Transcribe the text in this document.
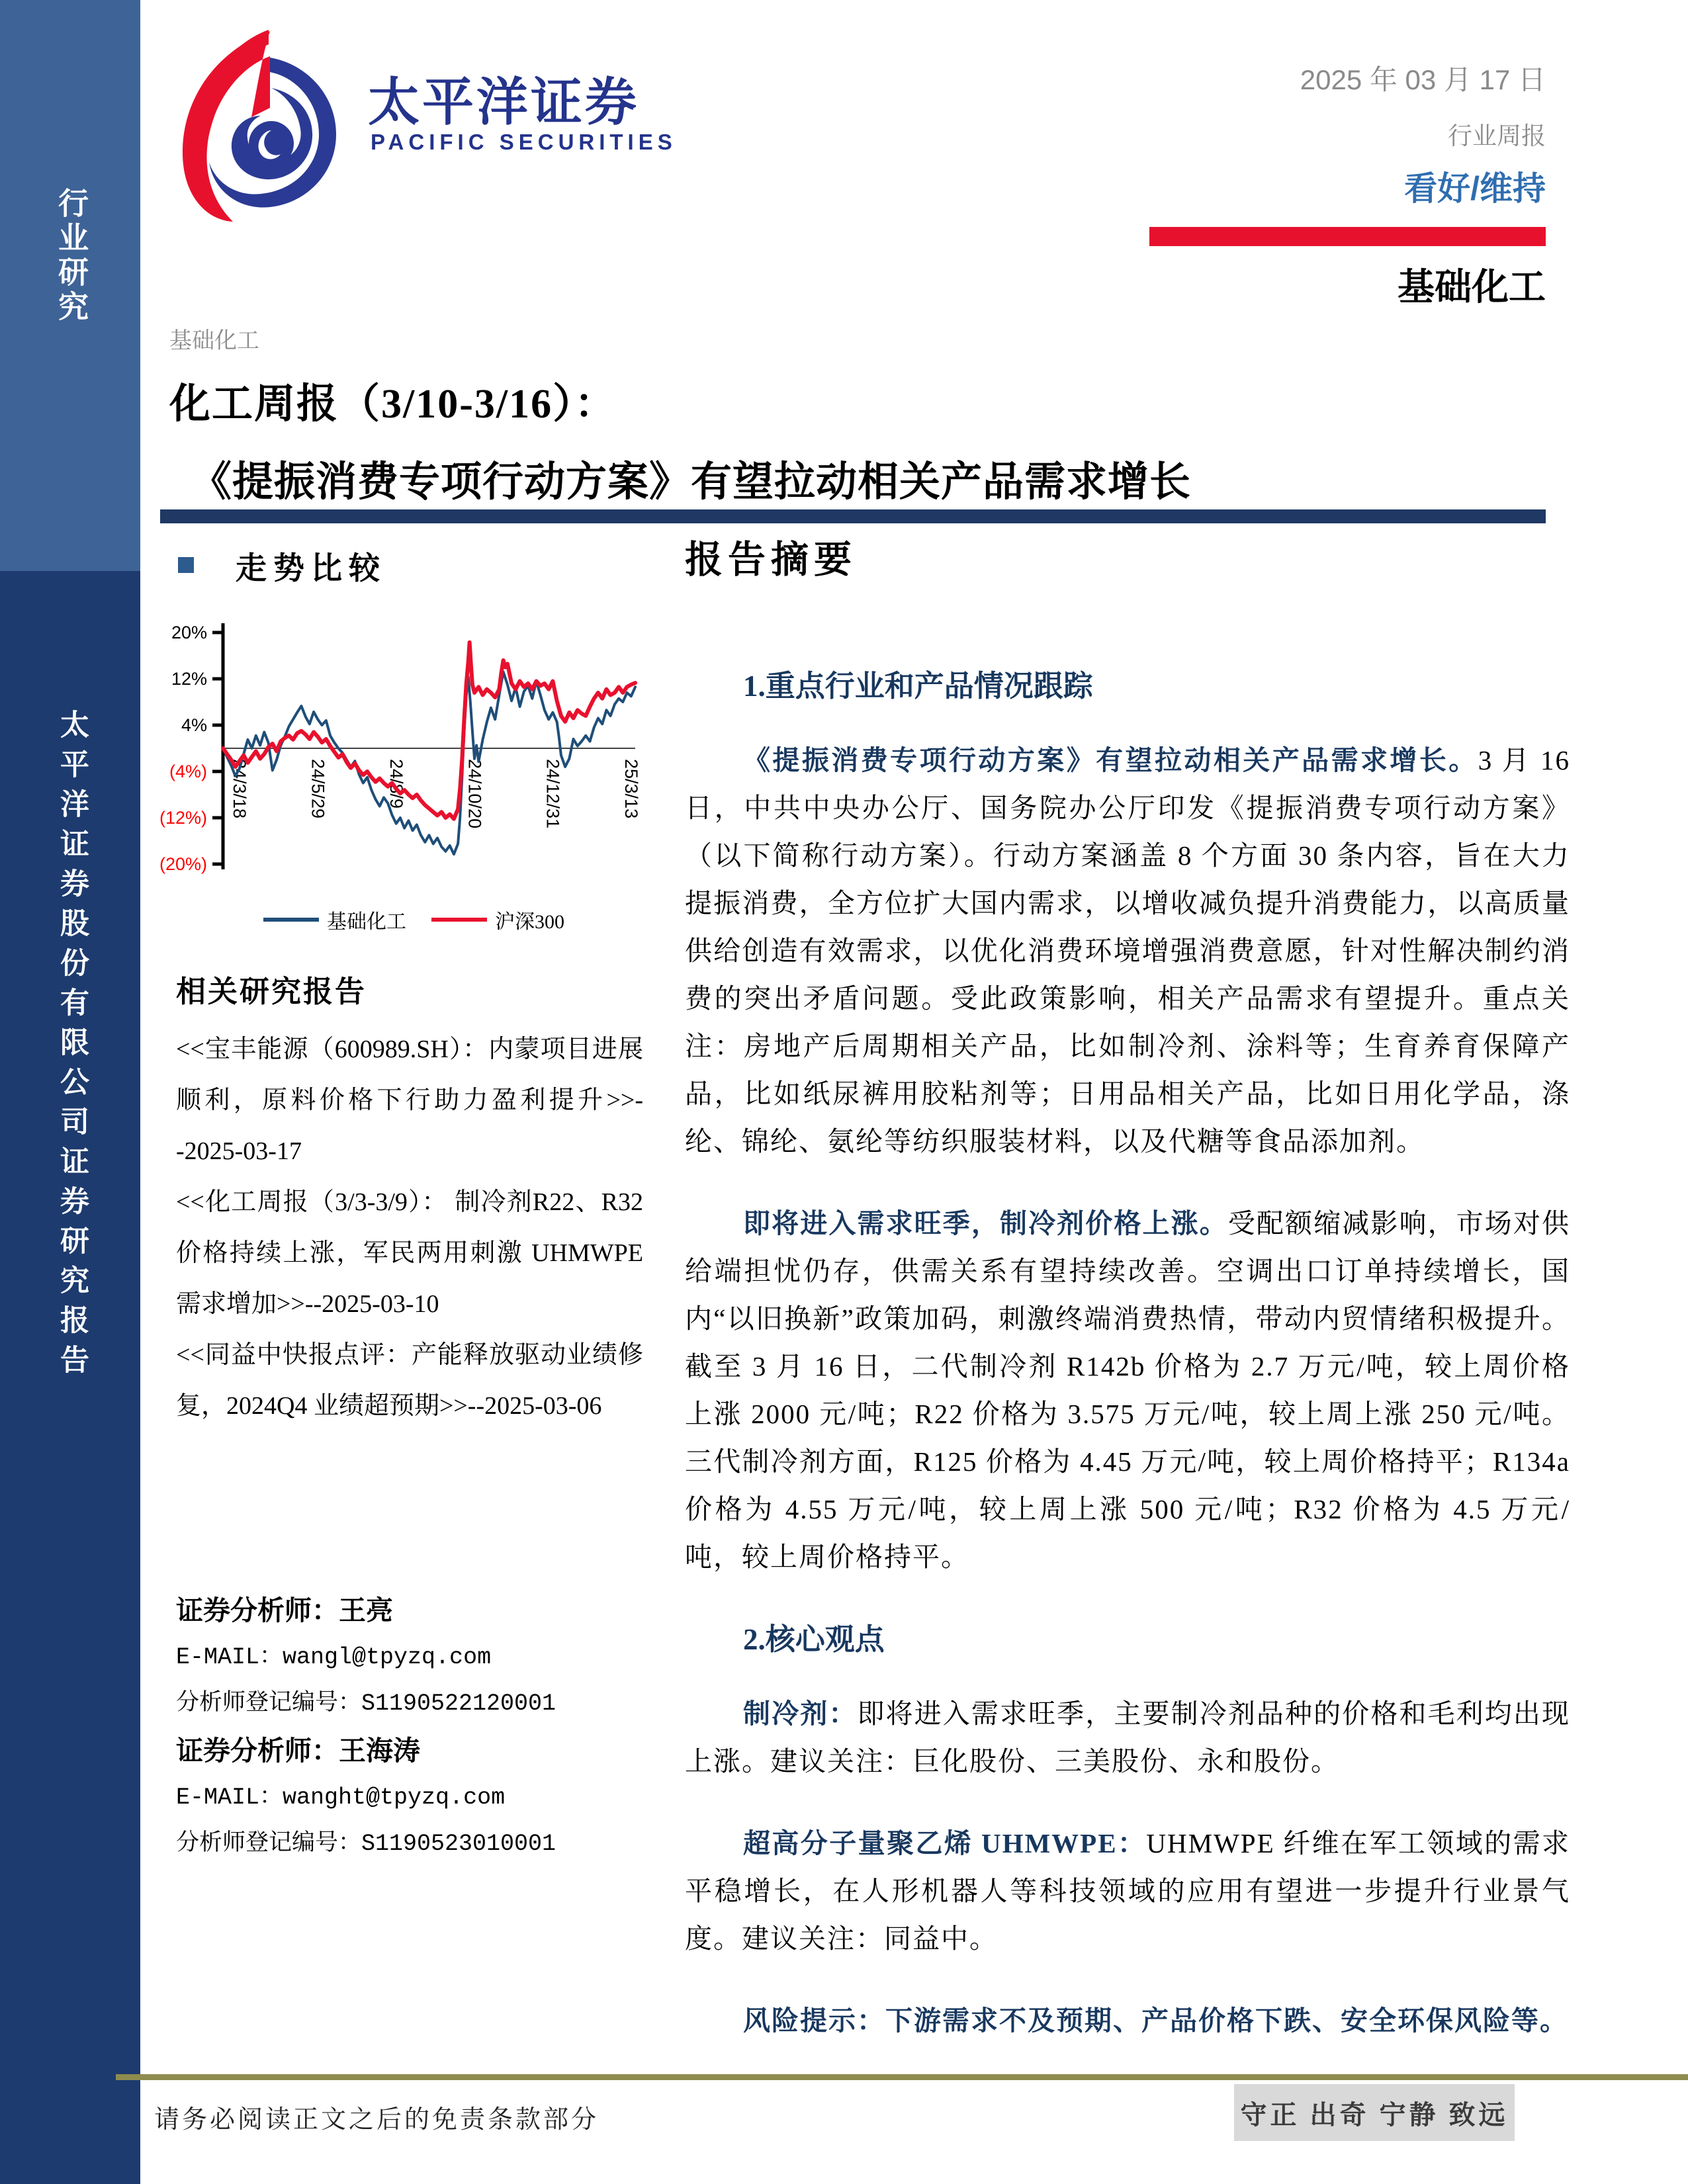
行业研究
太平洋证券股份有限公司证券研究报告
太平洋证券
PACIFIC SECURITIES
2025 年 03 月 17 日
行业周报
看好/维持
基础化工
基础化工
化工周报（3/10-3/16）：
《提振消费专项行动方案》有望拉动相关产品需求增长
走势比较
20%
12%
4%
(4%)
(12%)
(20%)
24/3/18	24/5/29	24/8/9	24/10/20	24/12/31	25/3/13
基础化工	沪深300
相关研究报告

<<宝丰能源（600989.SH）：内蒙项目进展顺利，原料价格下行助力盈利提升>>--2025-03-17

<<化工周报（3/3-3/9）： 制冷剂R22、R32 价格持续上涨，军民两用刺激 UHMWPE 需求增加>>--2025-03-10

<<同益中快报点评：产能释放驱动业绩修复，2024Q4 业绩超预期>>--2025-03-06

证券分析师：王亮

E-MAIL：wangl@tpyzq.com

分析师登记编号：S1190522120001

证券分析师：王海涛

E-MAIL：wanght@tpyzq.com

分析师登记编号：S1190523010001

报告摘要
1.重点行业和产品情况跟踪

《提振消费专项行动方案》有望拉动相关产品需求增长。3 月 16 日，中共中央办公厅、国务院办公厅印发《提振消费专项行动方案》（以下简称行动方案）。行动方案涵盖 8 个方面 30 条内容，旨在大力提振消费，全方位扩大国内需求，以增收减负提升消费能力，以高质量供给创造有效需求，以优化消费环境增强消费意愿，针对性解决制约消费的突出矛盾问题。受此政策影响，相关产品需求有望提升。重点关注：房地产后周期相关产品，比如制冷剂、涂料等；生育养育保障产品，比如纸尿裤用胶粘剂等；日用品相关产品，比如日用化学品，涤纶、锦纶、氨纶等纺织服装材料，以及代糖等食品添加剂。

即将进入需求旺季，制冷剂价格上涨。受配额缩减影响，市场对供给端担忧仍存，供需关系有望持续改善。空调出口订单持续增长，国内“以旧换新”政策加码，刺激终端消费热情，带动内贸情绪积极提升。截至 3 月 16 日，二代制冷剂 R142b 价格为 2.7 万元/吨，较上周价格上涨 2000 元/吨；R22 价格为 3.575 万元/吨，较上周上涨 250 元/吨。三代制冷剂方面，R125 价格为 4.45 万元/吨，较上周价格持平；R134a 价格为 4.55 万元/吨，较上周上涨 500 元/吨；R32 价格为 4.5 万元/吨，较上周价格持平。

2.核心观点

制冷剂：即将进入需求旺季，主要制冷剂品种的价格和毛利均出现上涨。建议关注：巨化股份、三美股份、永和股份。

超高分子量聚乙烯 UHMWPE：UHMWPE 纤维在军工领域的需求平稳增长，在人形机器人等科技领域的应用有望进一步提升行业景气度。建议关注：同益中。

风险提示：下游需求不及预期、产品价格下跌、安全环保风险等。

请务必阅读正文之后的免责条款部分	守正 出奇 宁静 致远
